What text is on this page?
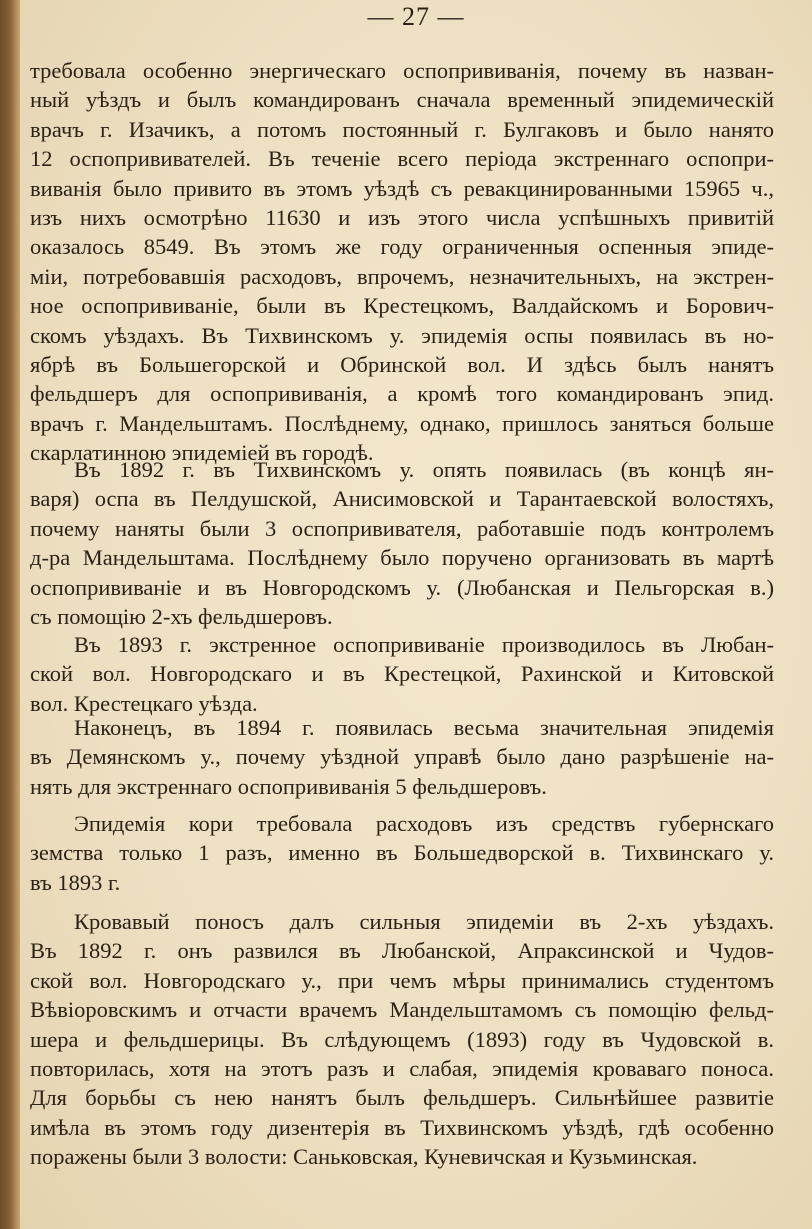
— 27 —
требовала особенно энергическаго оспопрививанія, почему въ назван-
ный уѣздъ и былъ командированъ сначала временный эпидемическій
врачъ г. Изачикъ, а потомъ постоянный г. Булгаковъ и было нанято
12 оспопрививателей. Въ теченіе всего періода экстреннаго оспопри-
виванія было привито въ этомъ уѣздѣ съ ревакцинированными 15965 ч.,
изъ нихъ осмотрѣно 11630 и изъ этого числа успѣшныхъ привитій
оказалось 8549. Въ этомъ же году ограниченныя оспенныя эпиде-
міи, потребовавшія расходовъ, впрочемъ, незначительныхъ, на экстрен-
ное оспопрививаніе, были въ Крестецкомъ, Валдайскомъ и Борович-
скомъ уѣздахъ. Въ Тихвинскомъ у. эпидемія оспы появилась въ но-
ябрѣ въ Большегорской и Обринской вол. И здѣсь былъ нанятъ
фельдшеръ для оспопрививанія, а кромѣ того командированъ эпид.
врачъ г. Мандельштамъ. Послѣднему, однако, пришлось заняться больше
скарлатинною эпидеміей въ городѣ.
Въ 1892 г. въ Тихвинскомъ у. опять появилась (въ концѣ ян-
варя) оспа въ Пелдушской, Анисимовской и Тарантаевской волостяхъ,
почему наняты были 3 оспопрививателя, работавшіе подъ контролемъ
д-ра Мандельштама. Послѣднему было поручено организовать въ мартѣ
оспопрививаніе и въ Новгородскомъ у. (Любанская и Пельгорская в.)
съ помощію 2-хъ фельдшеровъ.
Въ 1893 г. экстренное оспопрививаніе производилось въ Любан-
ской вол. Новгородскаго и въ Крестецкой, Рахинской и Китовской
вол. Крестецкаго уѣзда.
Наконецъ, въ 1894 г. появилась весьма значительная эпидемія
въ Демянскомъ у., почему уѣздной управѣ было дано разрѣшеніе на-
нять для экстреннаго оспопрививанія 5 фельдшеровъ.
Эпидемія кори требовала расходовъ изъ средствъ губернскаго
земства только 1 разъ, именно въ Большедворской в. Тихвинскаго у.
въ 1893 г.
Кровавый поносъ далъ сильныя эпидеміи въ 2-хъ уѣздахъ.
Въ 1892 г. онъ развился въ Любанской, Апраксинской и Чудов-
ской вол. Новгородскаго у., при чемъ мѣры принимались студентомъ
Вѣвіоровскимъ и отчасти врачемъ Мандельштамомъ съ помощію фельд-
шера и фельдшерицы. Въ слѣдующемъ (1893) году въ Чудовской в.
повторилась, хотя на этотъ разъ и слабая, эпидемія кроваваго поноса.
Для борьбы съ нею нанятъ былъ фельдшеръ. Сильнѣйшее развитіе
имѣла въ этомъ году дизентерія въ Тихвинскомъ уѣздѣ, гдѣ особенно
поражены были 3 волости: Саньковская, Куневичская и Кузьминская.
